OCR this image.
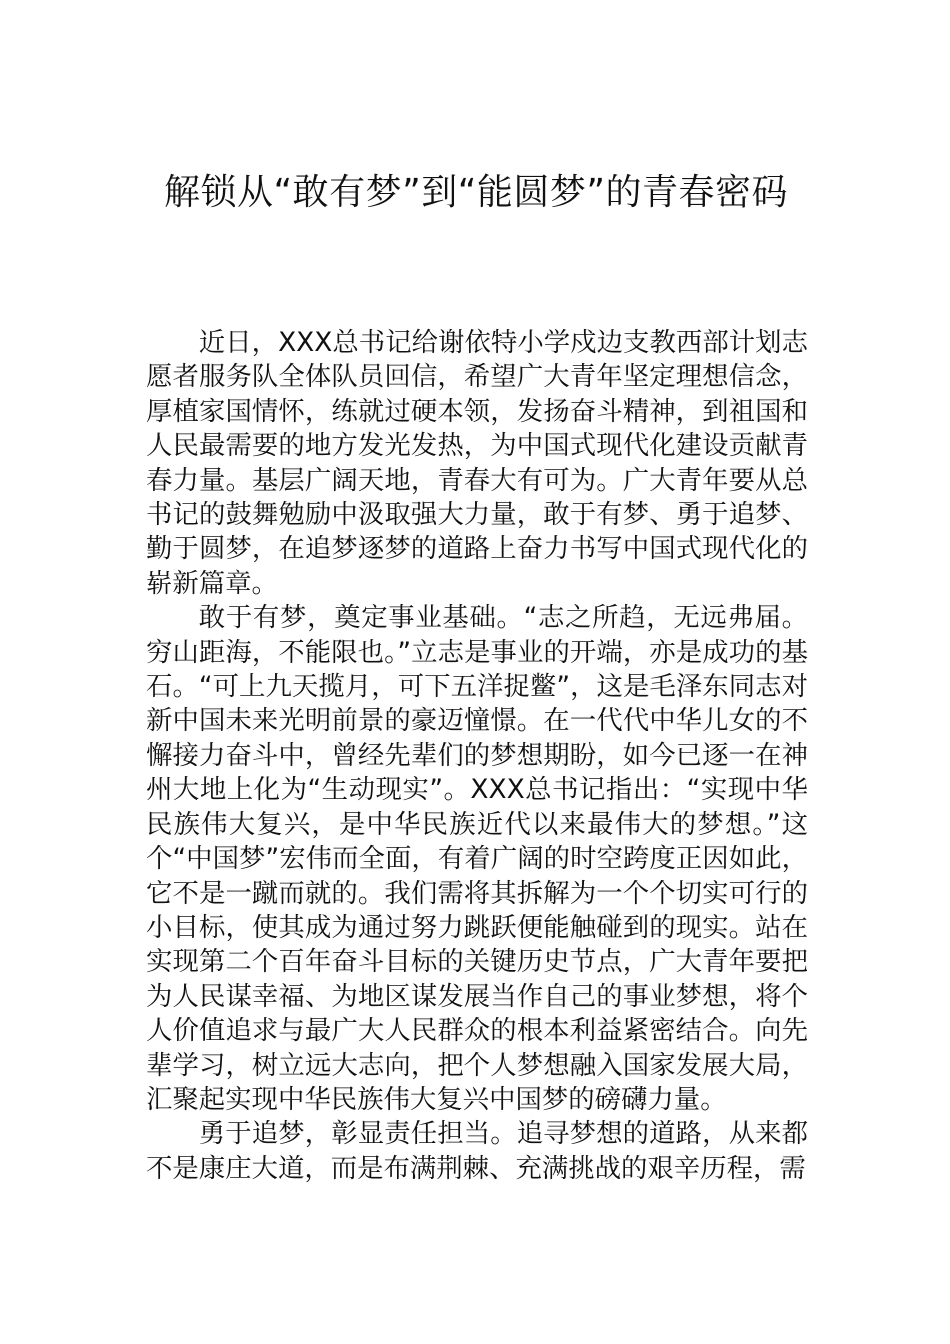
解锁从“敢有梦”到“能圆梦”的青春密码

近日，XXX总书记给谢依特小学戍边支教西部计划志愿者服务队全体队员回信，希望广大青年坚定理想信念，厚植家国情怀，练就过硬本领，发扬奋斗精神，到祖国和人民最需要的地方发光发热，为中国式现代化建设贡献青春力量。基层广阔天地，青春大有可为。广大青年要从总书记的鼓舞勉励中汲取强大力量，敢于有梦、勇于追梦、勤于圆梦，在追梦逐梦的道路上奋力书写中国式现代化的崭新篇章。

敢于有梦，奠定事业基础。“志之所趋，无远弗届。穷山距海，不能限也。”立志是事业的开端，亦是成功的基石。“可上九天揽月，可下五洋捉鳖”，这是毛泽东同志对新中国未来光明前景的豪迈憧憬。在一代代中华儿女的不懈接力奋斗中，曾经先辈们的梦想期盼，如今已逐一在神州大地上化为“生动现实”。XXX总书记指出：“实现中华民族伟大复兴，是中华民族近代以来最伟大的梦想。”这个“中国梦”宏伟而全面，有着广阔的时空跨度正因如此，它不是一蹴而就的。我们需将其拆解为一个个切实可行的小目标，使其成为通过努力跳跃便能触碰到的现实。站在实现第二个百年奋斗目标的关键历史节点，广大青年要把为人民谋幸福、为地区谋发展当作自己的事业梦想，将个人价值追求与最广大人民群众的根本利益紧密结合。向先辈学习，树立远大志向，把个人梦想融入国家发展大局，汇聚起实现中华民族伟大复兴中国梦的磅礴力量。

勇于追梦，彰显责任担当。追寻梦想的道路，从来都不是康庄大道，而是布满荆棘、充满挑战的艰辛历程，需
